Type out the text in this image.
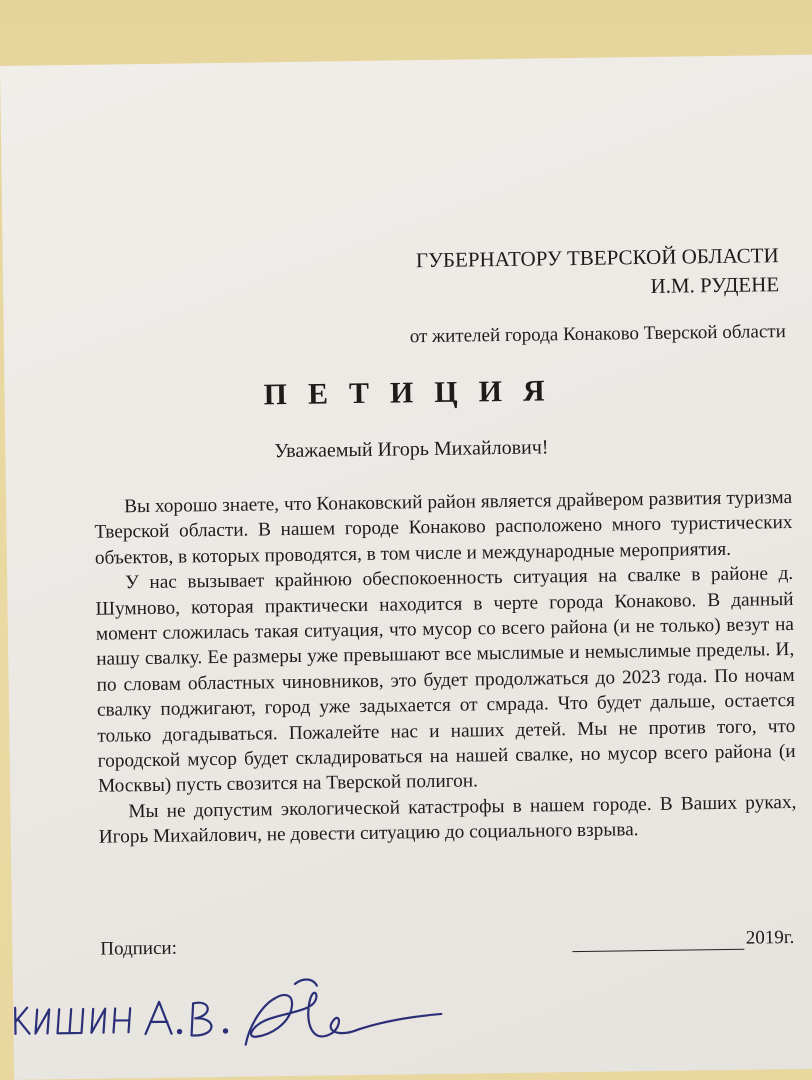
ГУБЕРНАТОРУ ТВЕРСКОЙ ОБЛАСТИ
И.М. РУДЕНЕ
от жителей города Конаково Тверской области
ПЕТИЦИЯ
Уважаемый Игорь Михайлович!

Вы хорошо знаете, что Конаковский район является драйвером развития туризма Тверской области. В нашем городе Конаково расположено много туристических объектов, в которых проводятся, в том числе и международные мероприятия.

У нас вызывает крайнюю обеспокоенность ситуация на свалке в районе д. Шумново, которая практически находится в черте города Конаково. В данный момент сложилась такая ситуация, что мусор со всего района (и не только) везут на нашу свалку. Ее размеры уже превышают все мыслимые и немыслимые пределы. И, по словам областных чиновников, это будет продолжаться до 2023 года. По ночам свалку поджигают, город уже задыхается от смрада. Что будет дальше, остается только догадываться. Пожалейте нас и наших детей. Мы не против того, что городской мусор будет складироваться на нашей свалке, но мусор всего района (и Москвы) пусть свозится на Тверской полигон.

Мы не допустим экологической катастрофы в нашем городе. В Ваших руках, Игорь Михайлович, не довести ситуацию до социального взрыва.

Подписи:	2019г.
